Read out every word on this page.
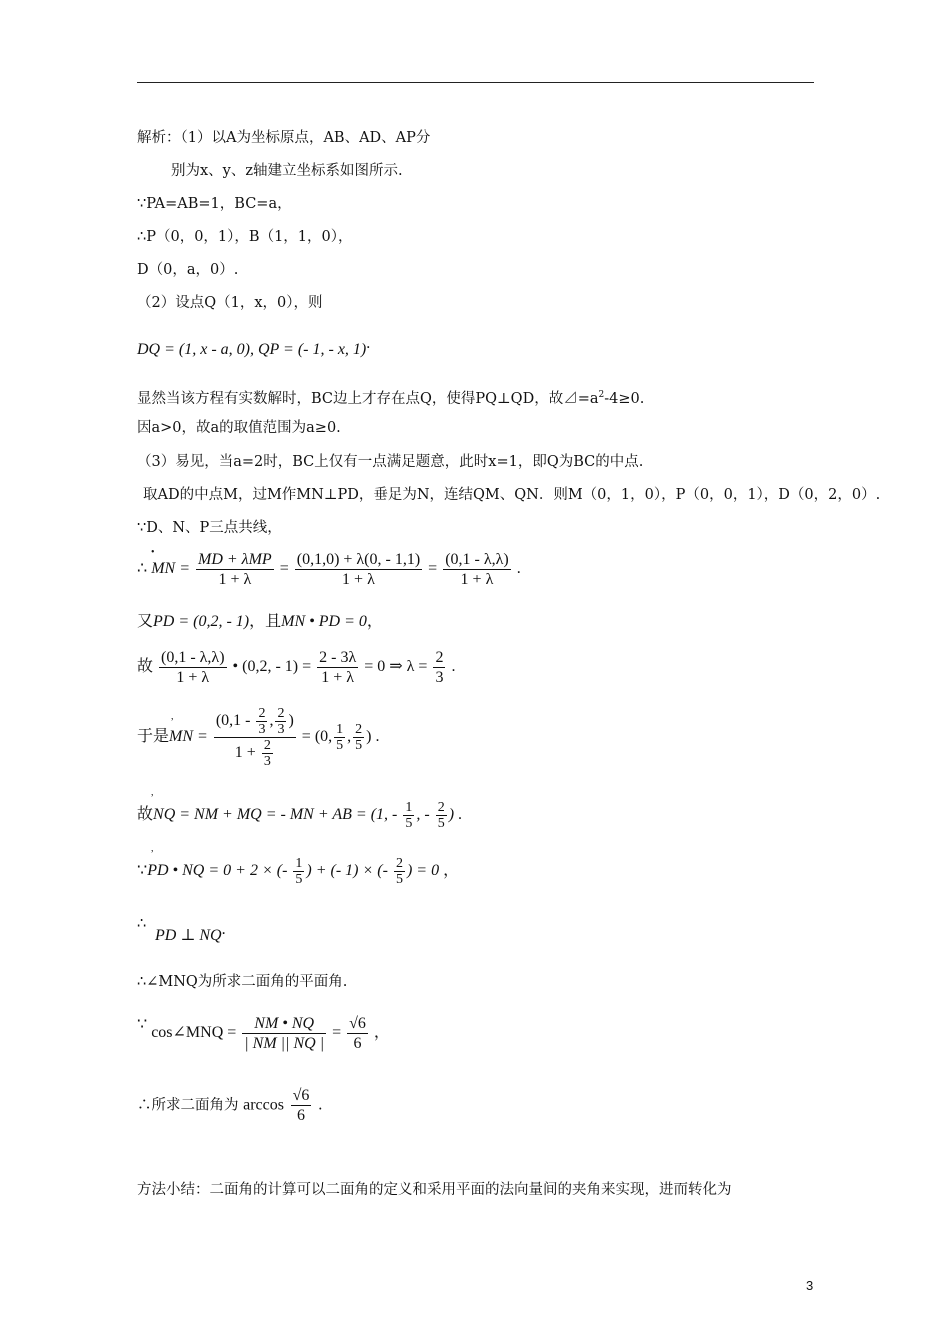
解析：（1）以A为坐标原点，AB、AD、AP分
别为x、y、z轴建立坐标系如图所示.
∵PA=AB=1，BC=a，
∴P（0，0，1），B（1，1，0），
D（0，a，0）.
（2）设点Q（1，x，0），则
DQ = (1, x - a, 0), QP = (- 1, - x, 1).
显然当该方程有实数解时，BC边上才存在点Q，使得PQ⊥QD，故$⊿=a^2-4\ge 0$.
因a>0，故a的取值范围为a≥0.
（3）易见，当a=2时，BC上仅有一点满足题意，此时x=1，即Q为BC的中点.
取AD的中点M，过M作MN⊥PD，垂足为N，连结QM、QN．则M（0，1，0），P（0，0，1），D（0，2，0）.
∵D、N、P三点共线，
•
∴ MN = $\frac{\text{MD + λMP}}{1 + \lambda} = \frac{(0,1,0) + \lambda(0, - 1,1)}{1 + \lambda} = \frac{(0,1 - \lambda,\lambda)}{1 + \lambda}$ .
又PD = (0,2, - 1)，且MN • PD = 0，
故 $\frac{(0,1 - \lambda,\lambda)}{1 + \lambda}$ • (0,2, - $1) = \frac{2 - 3\lambda}{1 + \lambda} = 0$ ⇒ $\lambda = \frac{2}{3}$ .
,
于是MN = $\frac{(0,1 - \frac{2}{3} , \frac{2}{3} )}{1 + \frac{2}{3}} = (0$, $\frac{1}{5}$ , $\frac{2}{5}$ ) .
,
故NQ = NM + MQ = - MN + AB = (1, - $\frac{1}{5}$ , - $\frac{2}{5}$ ) .
,
∵PD • NQ = 0 + 2 × (- $\frac{1}{5}$ ) + (- 1) × (- $\frac{2}{5}$ ) = 0 ，
∴
PD ⊥ NQ.
∴∠MNQ为所求二面角的平面角.
∵ cos∠MNQ = $\frac{NM • NQ}{| NM || NQ |} = \frac{√6}{6}$ ，
∴所求二面角为 $\arccos \frac{√6}{6}$ .
方法小结：二面角的计算可以二面角的定义和采用平面的法向量间的夹角来实现，进而转化为
3
